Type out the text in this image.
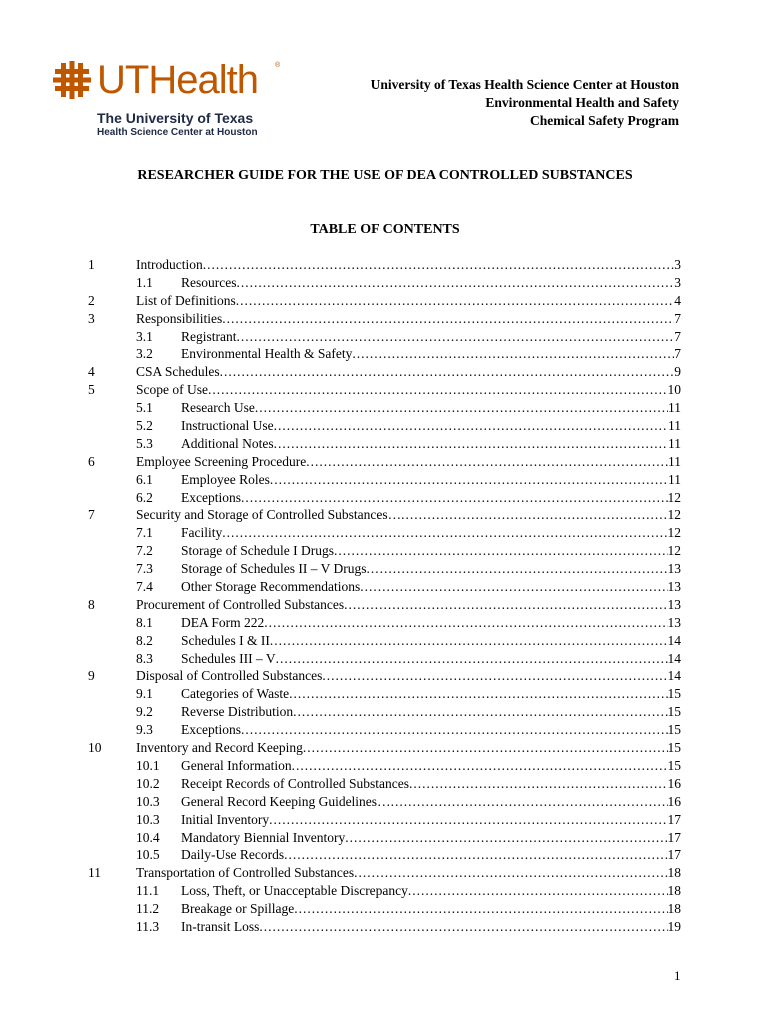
UTHealth ®
The University of Texas
Health Science Center at Houston
University of Texas Health Science Center at Houston
Environmental Health and Safety
Chemical Safety Program
RESEARCHER GUIDE FOR THE USE OF DEA CONTROLLED SUBSTANCES
TABLE OF CONTENTS
1	Introduction .....	3
1.1 Resources .....	3
2	List of Definitions .....	4
3	Responsibilities .....	7
3.1 Registrant .....	7
3.2 Environmental Health & Safety .....	7
4	CSA Schedules .....	9
5	Scope of Use .....	10
5.1 Research Use .....	11
5.2 Instructional Use .....	11
5.3 Additional Notes .....	11
6	Employee Screening Procedure .....	11
6.1 Employee Roles .....	11
6.2 Exceptions .....	12
7	Security and Storage of Controlled Substances… .....	12
7.1 Facility .....	12
7.2 Storage of Schedule I Drugs .....	12
7.3 Storage of Schedules II – V Drugs .....	13
7.4 Other Storage Recommendations .....	13
8	Procurement of Controlled Substances .....	13
8.1 DEA Form 222 .....	13
8.2 Schedules I & II .....	14
8.3 Schedules III – V .....	14
9	Disposal of Controlled Substances .....	14
9.1 Categories of Waste .....	15
9.2 Reverse Distribution .....	15
9.3 Exceptions .....	15
10	Inventory and Record Keeping .....	15
10.1 General Information .....	15
10.2 Receipt Records of Controlled Substances .....	16
10.3 General Record Keeping Guidelines… .....	16
10.3 Initial Inventory .....	17
10.4 Mandatory Biennial Inventory .....	17
10.5 Daily-Use Records .....	17
11	Transportation of Controlled Substances .....	18
11.1 Loss, Theft, or Unacceptable Discrepancy .....	18
11.2 Breakage or Spillage .....	18
11.3 In-transit Loss .....	19
1
